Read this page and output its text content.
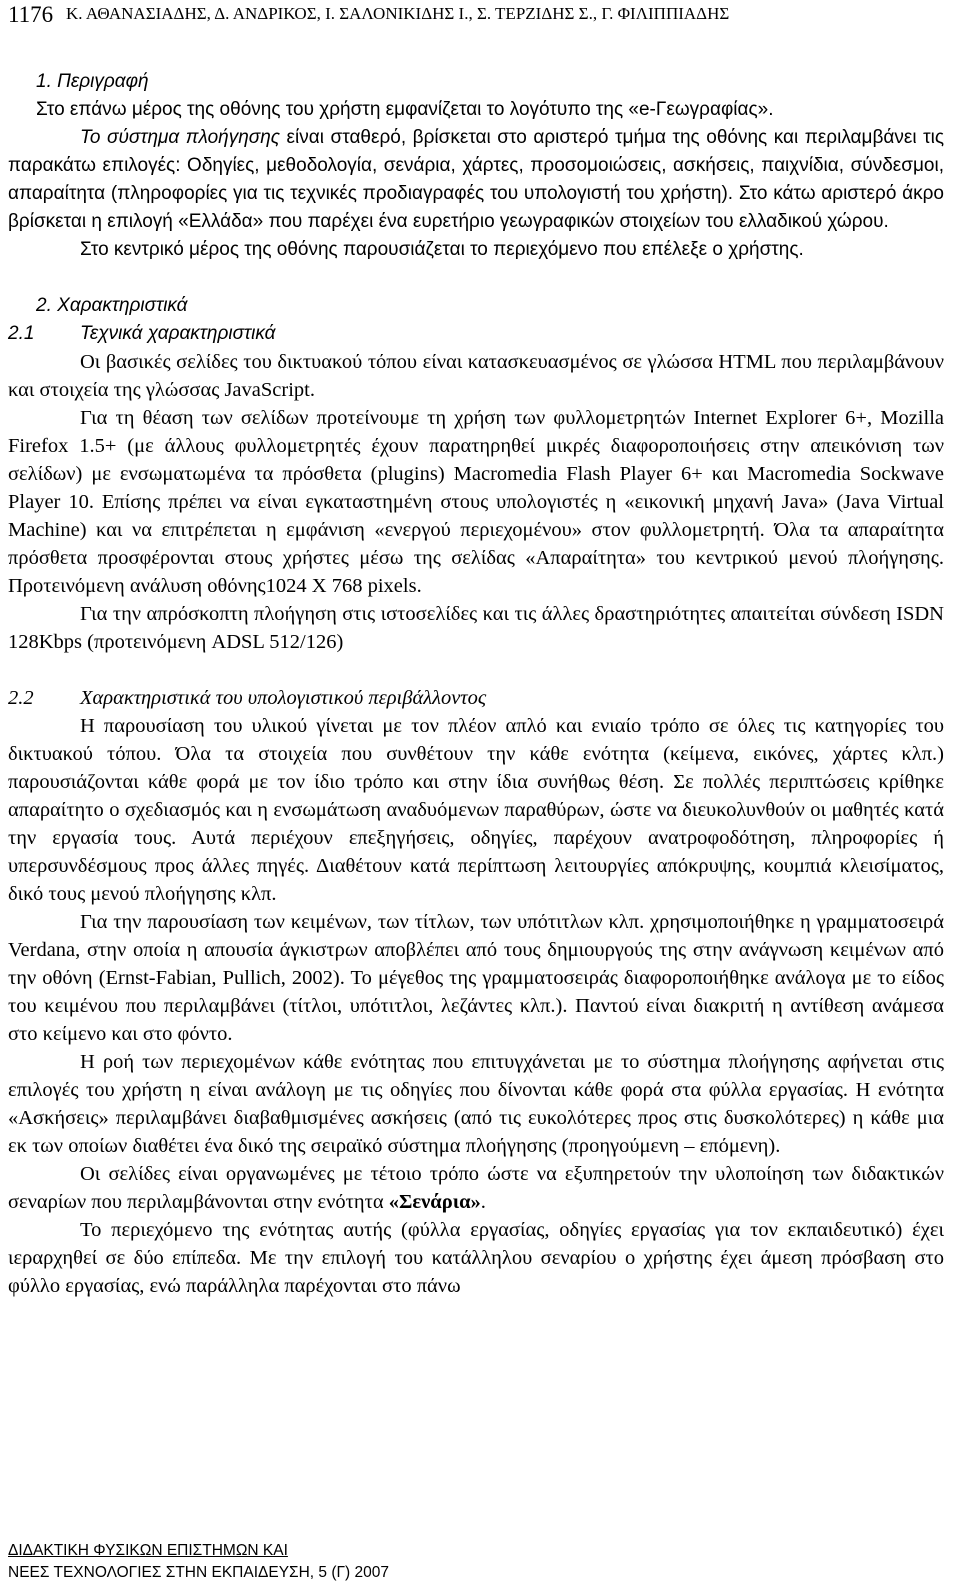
1176 Κ. ΑΘΑΝΑΣΙΑΔΗΣ, Δ. ΑΝΔΡΙΚΟΣ, Ι. ΣΑΛΟΝΙΚΙΔΗΣ Ι., Σ. ΤΕΡΖΙΔΗΣ Σ., Γ. ΦΙΛΙΠΠΙΑΔΗΣ

1. Περιγραφή

Στο επάνω μέρος της οθόνης του χρήστη εμφανίζεται το λογότυπο της «e-Γεωγραφίας».

Το σύστημα πλοήγησης είναι σταθερό, βρίσκεται στο αριστερό τμήμα της οθόνης και περιλαμβάνει τις παρακάτω επιλογές: Οδηγίες, μεθοδολογία, σενάρια, χάρτες, προσομοιώσεις, ασκήσεις, παιχνίδια, σύνδεσμοι, απαραίτητα (πληροφορίες για τις τεχνικές προδιαγραφές του υπολογιστή του χρήστη). Στο κάτω αριστερό άκρο βρίσκεται η επιλογή «Ελλάδα» που παρέχει ένα ευρετήριο γεωγραφικών στοιχείων του ελλαδικού χώρου.

Στο κεντρικό μέρος της οθόνης παρουσιάζεται το περιεχόμενο που επέλεξε ο χρήστης.

2. Χαρακτηριστικά

2.1 Τεχνικά χαρακτηριστικά

Οι βασικές σελίδες του δικτυακού τόπου είναι κατασκευασμένος σε γλώσσα HTML που περιλαμβάνουν και στοιχεία της γλώσσας JavaScript.

Για τη θέαση των σελίδων προτείνουμε τη χρήση των φυλλομετρητών Internet Explorer 6+, Mozilla Firefox 1.5+ (με άλλους φυλλομετρητές έχουν παρατηρηθεί μικρές διαφοροποιήσεις στην απεικόνιση των σελίδων) με ενσωματωμένα τα πρόσθετα (plugins) Macromedia Flash Player 6+ και Macromedia Sockwave Player 10. Επίσης πρέπει να είναι εγκαταστημένη στους υπολογιστές η «εικονική μηχανή Java» (Java Virtual Machine) και να επιτρέπεται η εμφάνιση «ενεργού περιεχομένου» στον φυλλομετρητή. Όλα τα απαραίτητα πρόσθετα προσφέρονται στους χρήστες μέσω της σελίδας «Απαραίτητα» του κεντρικού μενού πλοήγησης. Προτεινόμενη ανάλυση οθόνης1024 X 768 pixels.

Για την απρόσκοπτη πλοήγηση στις ιστοσελίδες και τις άλλες δραστηριότητες απαιτείται σύνδεση ISDN 128Kbps (προτεινόμενη ADSL 512/126)

2.2 Χαρακτηριστικά του υπολογιστικού περιβάλλοντος

Η παρουσίαση του υλικού γίνεται με τον πλέον απλό και ενιαίο τρόπο σε όλες τις κατηγορίες του δικτυακού τόπου. Όλα τα στοιχεία που συνθέτουν την κάθε ενότητα (κείμενα, εικόνες, χάρτες κλπ.) παρουσιάζονται κάθε φορά με τον ίδιο τρόπο και στην ίδια συνήθως θέση. Σε πολλές περιπτώσεις κρίθηκε απαραίτητο ο σχεδιασμός και η ενσωμάτωση αναδυόμενων παραθύρων, ώστε να διευκολυνθούν οι μαθητές κατά την εργασία τους. Αυτά περιέχουν επεξηγήσεις, οδηγίες, παρέχουν ανατροφοδότηση, πληροφορίες ή υπερσυνδέσμους προς άλλες πηγές. Διαθέτουν κατά περίπτωση λειτουργίες απόκρυψης, κουμπιά κλεισίματος, δικό τους μενού πλοήγησης κλπ.

Για την παρουσίαση των κειμένων, των τίτλων, των υπότιτλων κλπ. χρησιμοποιήθηκε η γραμματοσειρά Verdana, στην οποία η απουσία άγκιστρων αποβλέπει από τους δημιουργούς της στην ανάγνωση κειμένων από την οθόνη (Ernst-Fabian, Pullich, 2002). Το μέγεθος της γραμματοσειράς διαφοροποιήθηκε ανάλογα με το είδος του κειμένου που περιλαμβάνει (τίτλοι, υπότιτλοι, λεζάντες κλπ.). Παντού είναι διακριτή η αντίθεση ανάμεσα στο κείμενο και στο φόντο.

Η ροή των περιεχομένων κάθε ενότητας που επιτυγχάνεται με το σύστημα πλοήγησης αφήνεται στις επιλογές του χρήστη η είναι ανάλογη με τις οδηγίες που δίνονται κάθε φορά στα φύλλα εργασίας. Η ενότητα «Ασκήσεις» περιλαμβάνει διαβαθμισμένες ασκήσεις (από τις ευκολότερες προς στις δυσκολότερες) η κάθε μια εκ των οποίων διαθέτει ένα δικό της σειραϊκό σύστημα πλοήγησης (προηγούμενη – επόμενη).

Οι σελίδες είναι οργανωμένες με τέτοιο τρόπο ώστε να εξυπηρετούν την υλοποίηση των διδακτικών σεναρίων που περιλαμβάνονται στην ενότητα «Σενάρια».

Το περιεχόμενο της ενότητας αυτής (φύλλα εργασίας, οδηγίες εργασίας για τον εκπαιδευτικό) έχει ιεραρχηθεί σε δύο επίπεδα. Με την επιλογή του κατάλληλου σεναρίου ο χρήστης έχει άμεση πρόσβαση στο φύλλο εργασίας, ενώ παράλληλα παρέχονται στο πάνω

ΔΙΔΑΚΤΙΚΗ ΦΥΣΙΚΩΝ ΕΠΙΣΤΗΜΩΝ ΚΑΙ
ΝΕΕΣ ΤΕΧΝΟΛΟΓΙΕΣ ΣΤΗΝ ΕΚΠΑΙΔΕΥΣΗ, 5 (Γ) 2007
